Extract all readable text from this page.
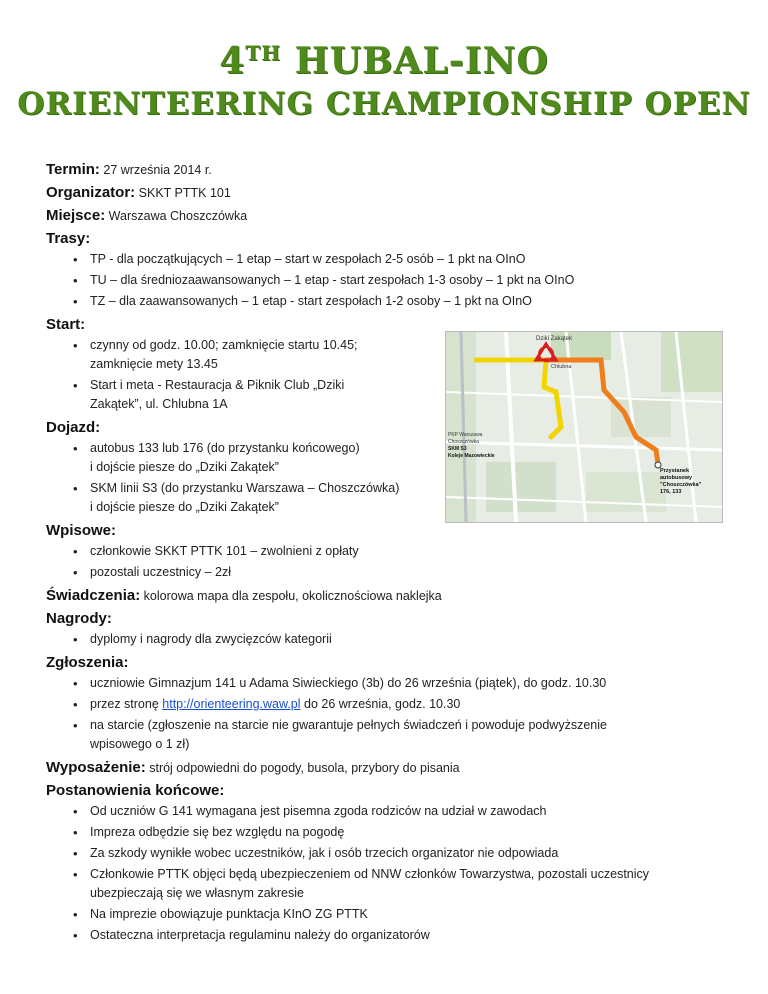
4TH HUBAL-INO
ORIENTEERING CHAMPIONSHIP OPEN
Termin: 27 września 2014 r.
Organizator: SKKT PTTK 101
Miejsce: Warszawa Choszczówka
Trasy:
• TP - dla początkujących – 1 etap – start w zespołach 2-5 osób – 1 pkt na OInO
• TU – dla średniozaawansowanych – 1 etap - start zespołach 1-3 osoby – 1 pkt na OInO
• TZ – dla zaawansowanych – 1 etap - start zespołach 1-2 osoby – 1 pkt na OInO
Start:
• czynny od godz. 10.00; zamknięcie startu 10.45;
zamknięcie mety 13.45
• Start i meta - Restauracja & Piknik Club „Dziki
Zakątek”, ul. Chlubna 1A
Dojazd:
• autobus 133 lub 176 (do przystanku końcowego)
i dojście piesze do „Dziki Zakątek”
• SKM linii S3 (do przystanku Warszawa – Choszczówka)
i dojście piesze do „Dziki Zakątek”
Wpisowe:
• członkowie SKKT PTTK 101 – zwolnieni z opłaty
• pozostali uczestnicy – 2zł
Świadczenia: kolorowa mapa dla zespołu, okolicznościowa naklejka
Nagrody:
• dyplomy i nagrody dla zwycięzców kategorii
Zgłoszenia:
• uczniowie Gimnazjum 141 u Adama Siwieckiego (3b) do 26 września (piątek), do godz. 10.30
• przez stronę http://orienteering.waw.pl do 26 września, godz. 10.30
• na starcie (zgłoszenie na starcie nie gwarantuje pełnych świadczeń i powoduje podwyższenie
wpisowego o 1 zł)
Wyposażenie: strój odpowiedni do pogody, busola, przybory do pisania
Postanowienia końcowe:
• Od uczniów G 141 wymagana jest pisemna zgoda rodziców na udział w zawodach
• Impreza odbędzie się bez względu na pogodę
• Za szkody wynikłe wobec uczestników, jak i osób trzecich organizator nie odpowiada
• Członkowie PTTK objęci będą ubezpieczeniem od NNW członków Towarzystwa, pozostali uczestnicy
ubezpieczają się we własnym zakresie
• Na imprezie obowiązuje punktacja KInO ZG PTTK
• Ostateczna interpretacja regulaminu należy do organizatorów
Dziki Zakątek
Chlubna
PKP Warszawa
Choszczówka
SKM S3
Koleje Mazowieckie
Przystanek
autobusowy
"Choszczówka"
176, 133
